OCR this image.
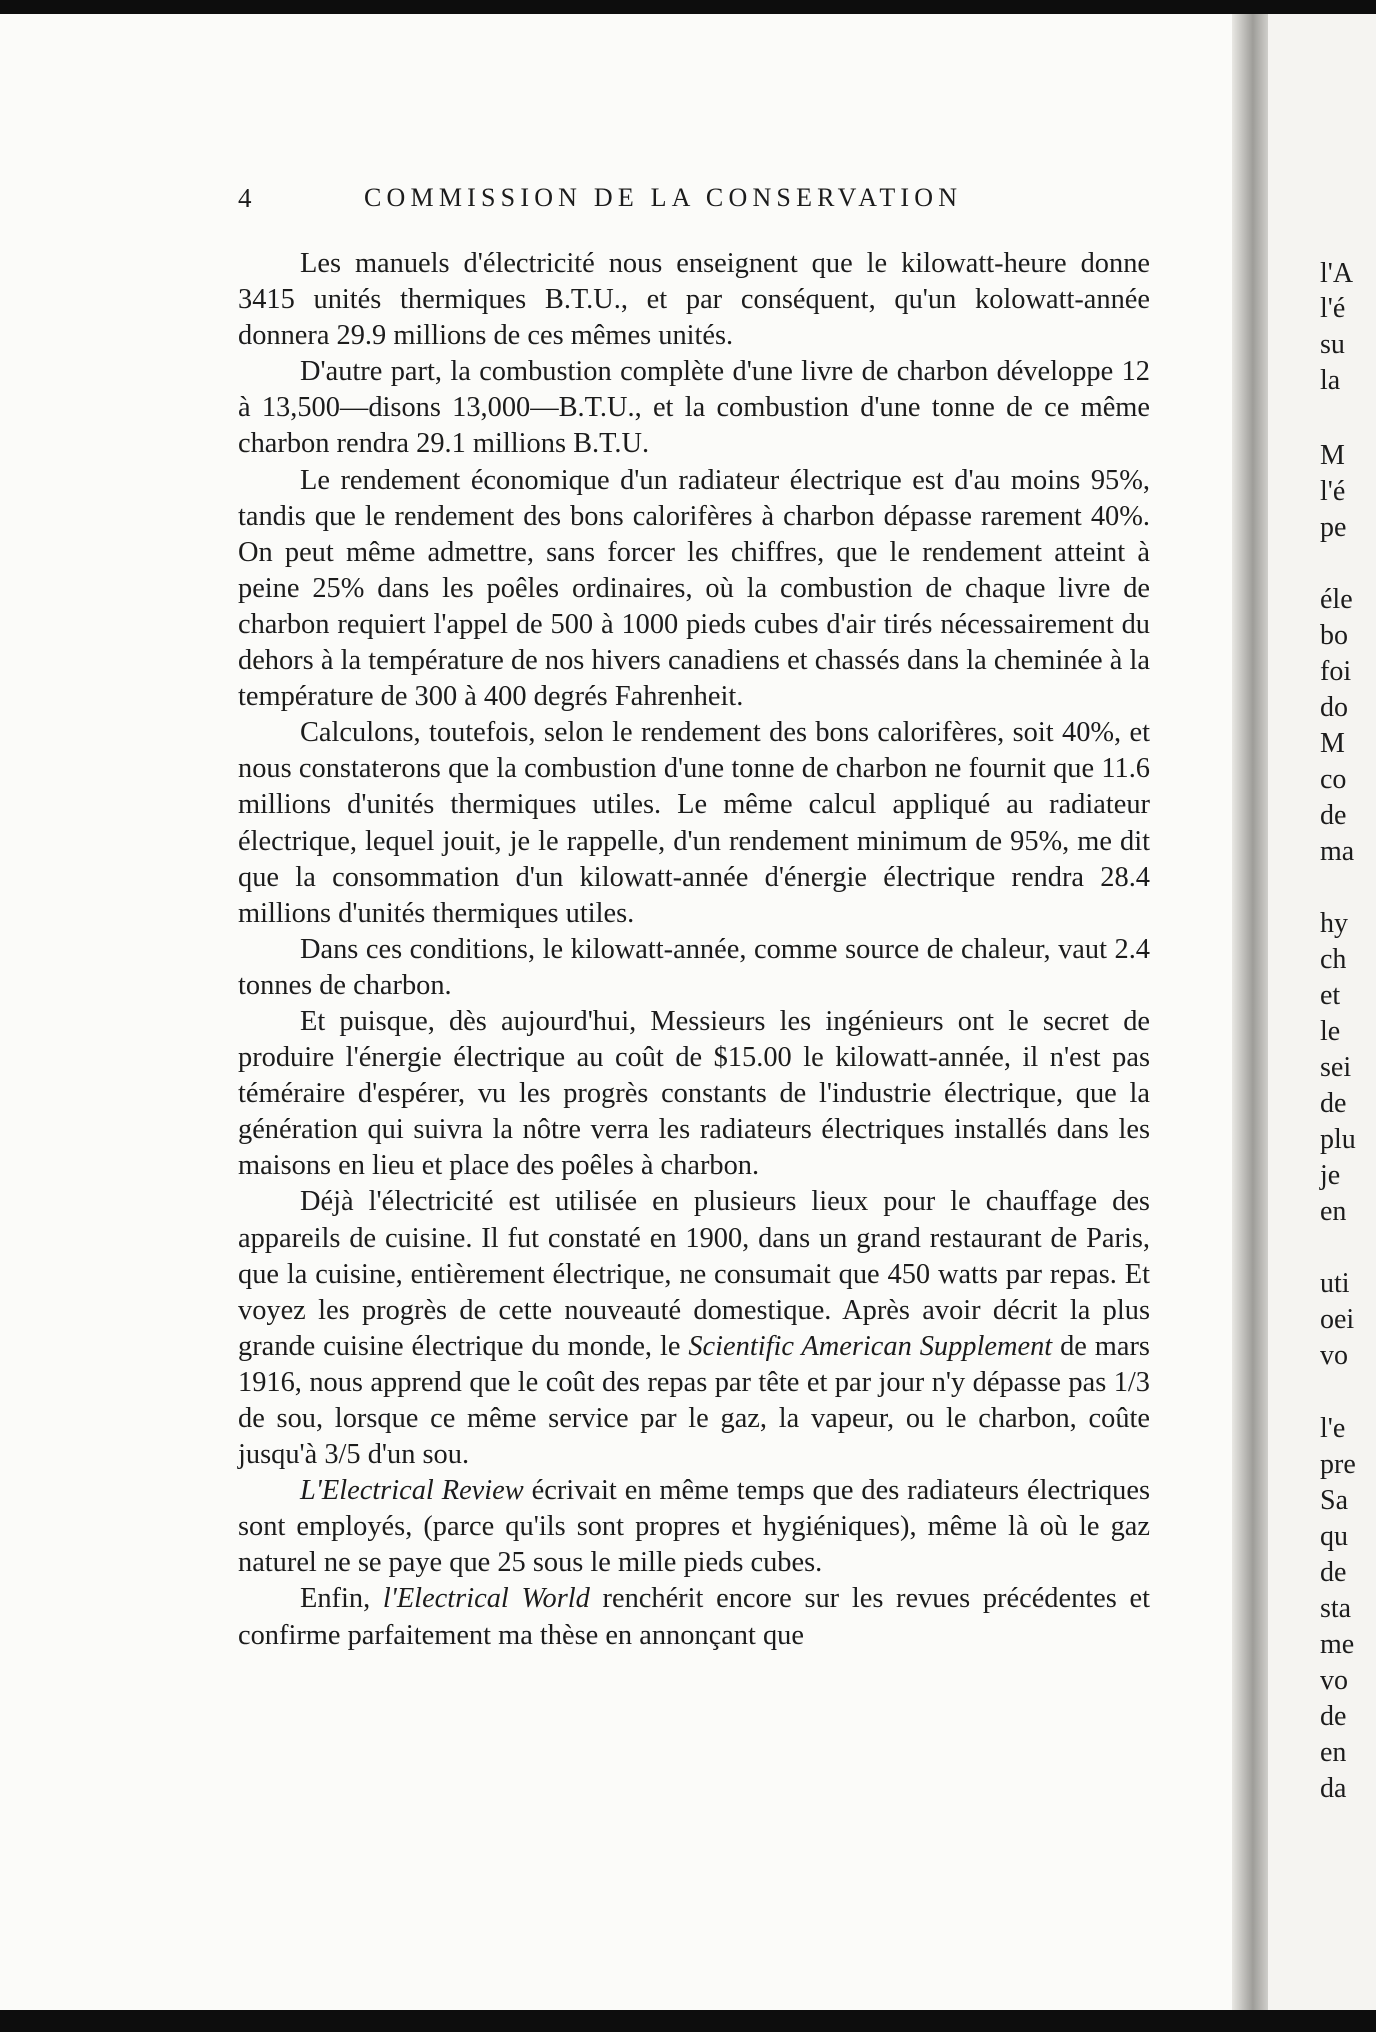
4	COMMISSION DE LA CONSERVATION

Les manuels d'électricité nous enseignent que le kilowatt-heure donne 3415 unités thermiques B.T.U., et par conséquent, qu'un kolowatt-année donnera 29.9 millions de ces mêmes unités.

D'autre part, la combustion complète d'une livre de charbon développe 12 à 13,500—disons 13,000—B.T.U., et la combustion d'une tonne de ce même charbon rendra 29.1 millions B.T.U.

Le rendement économique d'un radiateur électrique est d'au moins 95%, tandis que le rendement des bons calorifères à charbon dépasse rarement 40%. On peut même admettre, sans forcer les chiffres, que le rendement atteint à peine 25% dans les poêles ordinaires, où la combustion de chaque livre de charbon requiert l'appel de 500 à 1000 pieds cubes d'air tirés nécessairement du dehors à la température de nos hivers canadiens et chassés dans la cheminée à la température de 300 à 400 degrés Fahrenheit.

Calculons, toutefois, selon le rendement des bons calorifères, soit 40%, et nous constaterons que la combustion d'une tonne de charbon ne fournit que 11.6 millions d'unités thermiques utiles. Le même calcul appliqué au radiateur électrique, lequel jouit, je le rappelle, d'un rendement minimum de 95%, me dit que la consommation d'un kilowatt-année d'énergie électrique rendra 28.4 millions d'unités thermiques utiles.

Dans ces conditions, le kilowatt-année, comme source de chaleur, vaut 2.4 tonnes de charbon.

Et puisque, dès aujourd'hui, Messieurs les ingénieurs ont le secret de produire l'énergie électrique au coût de $15.00 le kilowatt-année, il n'est pas téméraire d'espérer, vu les progrès constants de l'industrie électrique, que la génération qui suivra la nôtre verra les radiateurs électriques installés dans les maisons en lieu et place des poêles à charbon.

Déjà l'électricité est utilisée en plusieurs lieux pour le chauffage des appareils de cuisine. Il fut constaté en 1900, dans un grand restaurant de Paris, que la cuisine, entièrement électrique, ne consumait que 450 watts par repas. Et voyez les progrès de cette nouveauté domestique. Après avoir décrit la plus grande cuisine électrique du monde, le Scientific American Supplement de mars 1916, nous apprend que le coût des repas par tête et par jour n'y dépasse pas 1/3 de sou, lorsque ce même service par le gaz, la vapeur, ou le charbon, coûte jusqu'à 3/5 d'un sou.

L'Electrical Review écrivait en même temps que des radiateurs électriques sont employés, (parce qu'ils sont propres et hygiéniques), même là où le gaz naturel ne se paye que 25 sous le mille pieds cubes.

Enfin, l'Electrical World renchérit encore sur les revues précédentes et confirme parfaitement ma thèse en annonçant que

l'A
l'é
su
la
M
l'é
pe
éle
bo
foi
do
M
co
de
ma
hy
ch
et
le
sei
de
plu
je
en
uti
oei
vo
l'e
pre
Sa
qu
de
sta
me
vo
de
en
da
